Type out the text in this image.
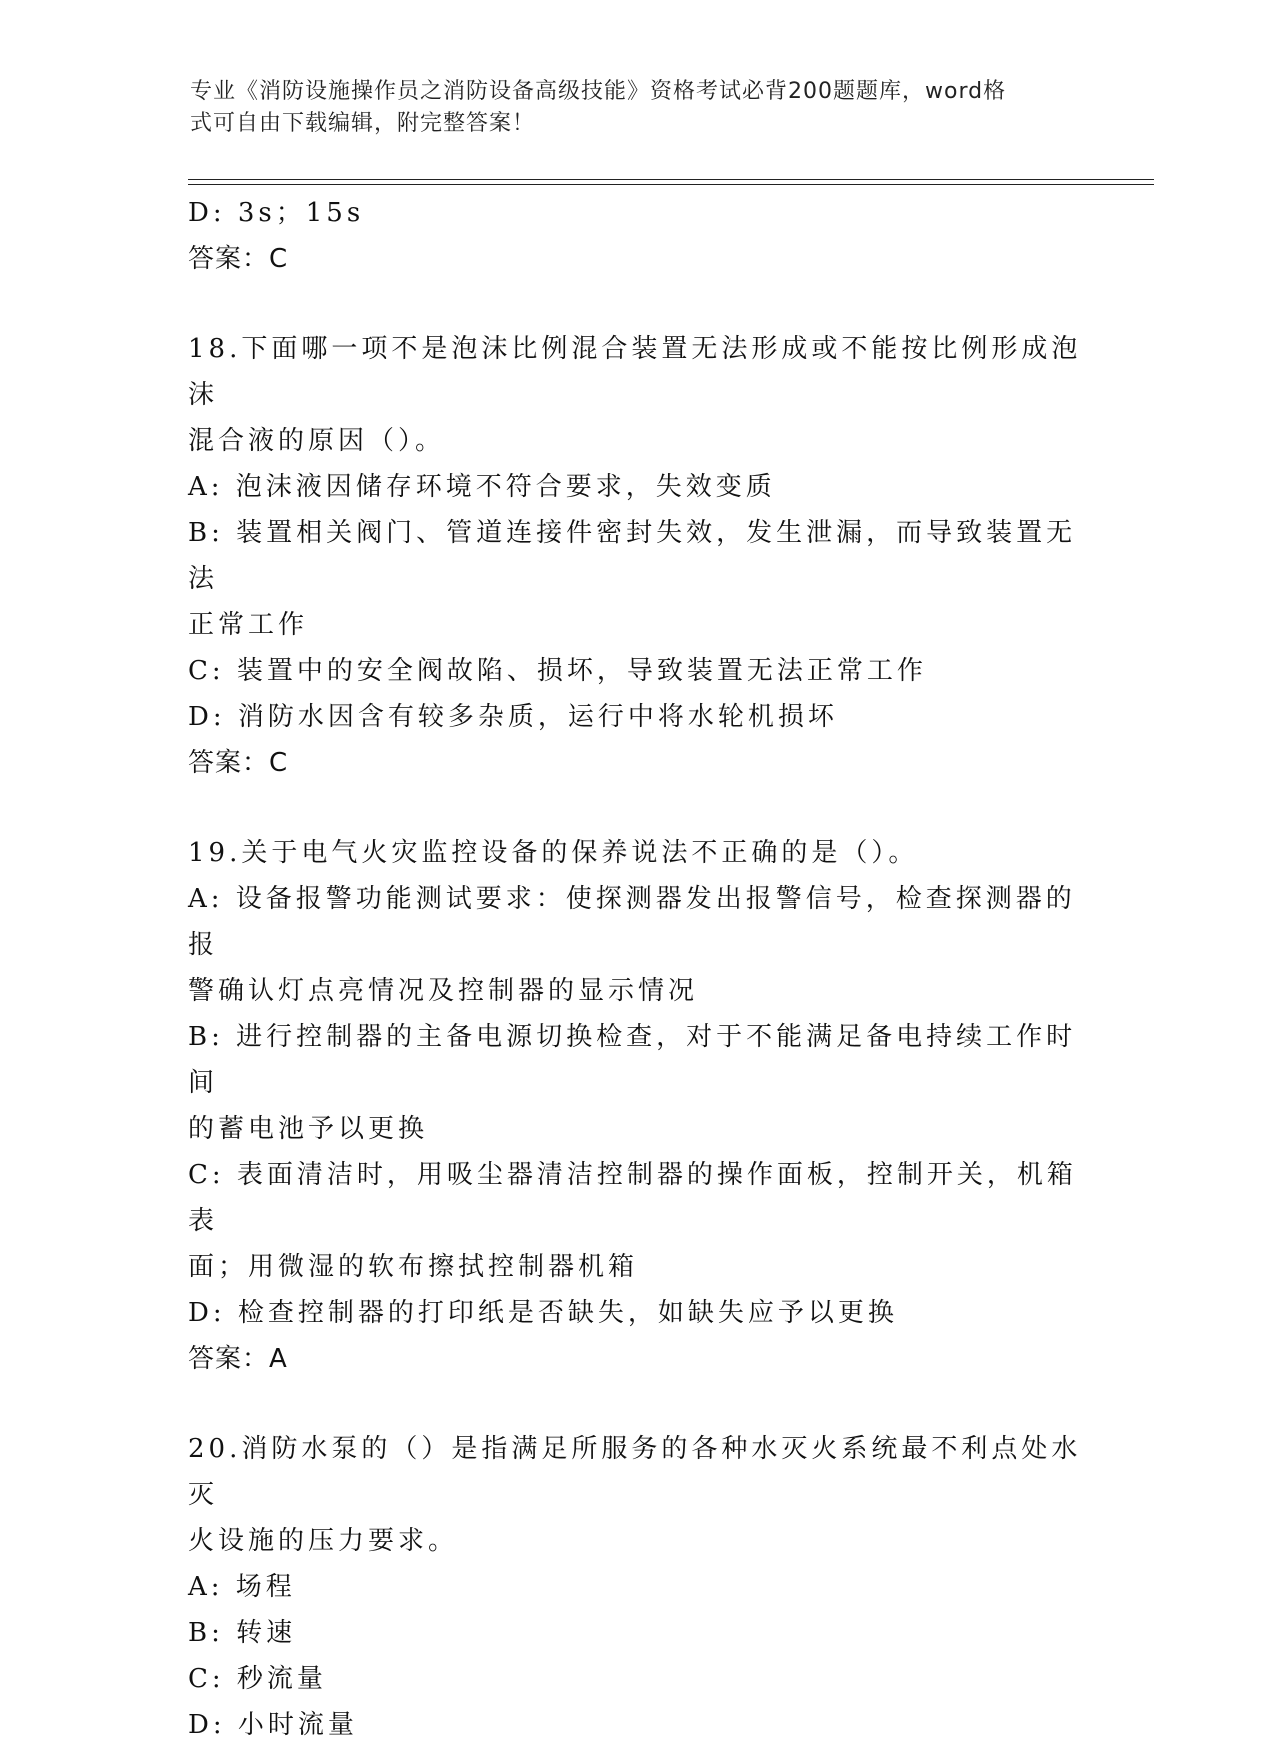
专业《消防设施操作员之消防设备高级技能》资格考试必背200题题库，word格
式可自由下载编辑，附完整答案！
D: 3s；15s
答案：C
18.下面哪一项不是泡沫比例混合装置无法形成或不能按比例形成泡沫
混合液的原因（）。
A: 泡沫液因储存环境不符合要求，失效变质
B: 装置相关阀门、管道连接件密封失效，发生泄漏，而导致装置无法
正常工作
C: 装置中的安全阀故陷、损坏，导致装置无法正常工作
D: 消防水因含有较多杂质，运行中将水轮机损坏
答案：C
19.关于电气火灾监控设备的保养说法不正确的是（）。
A: 设备报警功能测试要求：使探测器发出报警信号，检查探测器的报
警确认灯点亮情况及控制器的显示情况
B: 进行控制器的主备电源切换检查，对于不能满足备电持续工作时间
的蓄电池予以更换
C: 表面清洁时，用吸尘器清洁控制器的操作面板，控制开关，机箱表
面；用微湿的软布擦拭控制器机箱
D: 检查控制器的打印纸是否缺失，如缺失应予以更换
答案：A
20.消防水泵的（）是指满足所服务的各种水灭火系统最不利点处水灭
火设施的压力要求。
A: 场程
B: 转速
C: 秒流量
D: 小时流量
